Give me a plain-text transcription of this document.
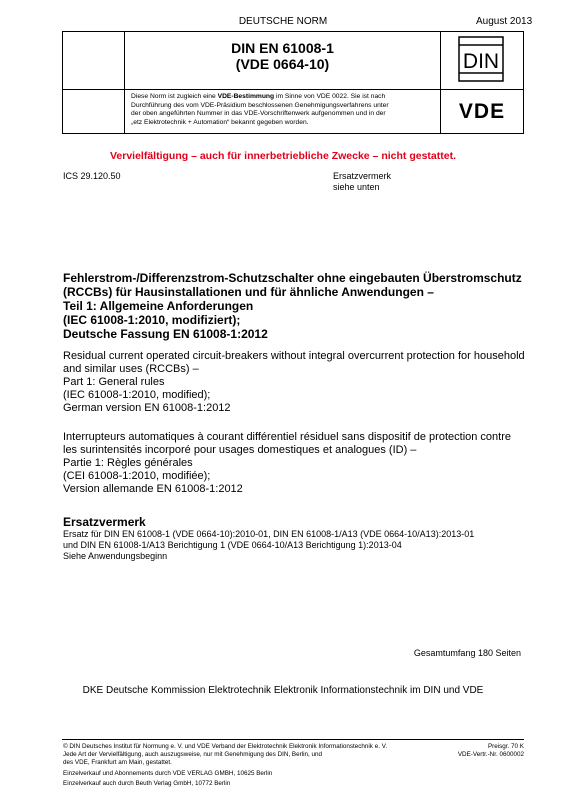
DEUTSCHE NORM	August 2013
DIN EN 61008-1
(VDE 0664-10)	DIN
Diese Norm ist zugleich eine VDE-Bestimmung im Sinne von VDE 0022. Sie ist nach
Durchführung des vom VDE-Präsidium beschlossenen Genehmigungsverfahrens unter
der oben angeführten Nummer in das VDE-Vorschriftenwerk aufgenommen und in der
„etz Elektrotechnik + Automation“ bekannt gegeben worden.	VDE
Vervielfältigung – auch für innerbetriebliche Zwecke – nicht gestattet.
ICS 29.120.50	Ersatzvermerk
siehe unten
Fehlerstrom-/Differenzstrom-Schutzschalter ohne eingebauten Überstromschutz
(RCCBs) für Hausinstallationen und für ähnliche Anwendungen –
Teil 1: Allgemeine Anforderungen
(IEC 61008-1:2010, modifiziert);
Deutsche Fassung EN 61008-1:2012
Residual current operated circuit-breakers without integral overcurrent protection for household
and similar uses (RCCBs) –
Part 1: General rules
(IEC 61008-1:2010, modified);
German version EN 61008-1:2012
Interrupteurs automatiques à courant différentiel résiduel sans dispositif de protection contre
les surintensités incorporé pour usages domestiques et analogues (ID) –
Partie 1: Règles générales
(CEI 61008-1:2010, modifiée);
Version allemande EN 61008-1:2012
Ersatzvermerk
Ersatz für DIN EN 61008-1 (VDE 0664-10):2010-01, DIN EN 61008-1/A13 (VDE 0664-10/A13):2013-01
und DIN EN 61008-1/A13 Berichtigung 1 (VDE 0664-10/A13 Berichtigung 1):2013-04
Siehe Anwendungsbeginn
Gesamtumfang 180 Seiten
DKE Deutsche Kommission Elektrotechnik Elektronik Informationstechnik im DIN und VDE
© DIN Deutsches Institut für Normung e. V. und VDE Verband der Elektrotechnik Elektronik Informationstechnik e. V.
Jede Art der Vervielfältigung, auch auszugsweise, nur mit Genehmigung des DIN, Berlin, und
des VDE, Frankfurt am Main, gestattet.
Preisgr. 70 K
VDE-Vertr.-Nr. 0600002
Einzelverkauf und Abonnements durch VDE VERLAG GMBH, 10625 Berlin
Einzelverkauf auch durch Beuth Verlag GmbH, 10772 Berlin
